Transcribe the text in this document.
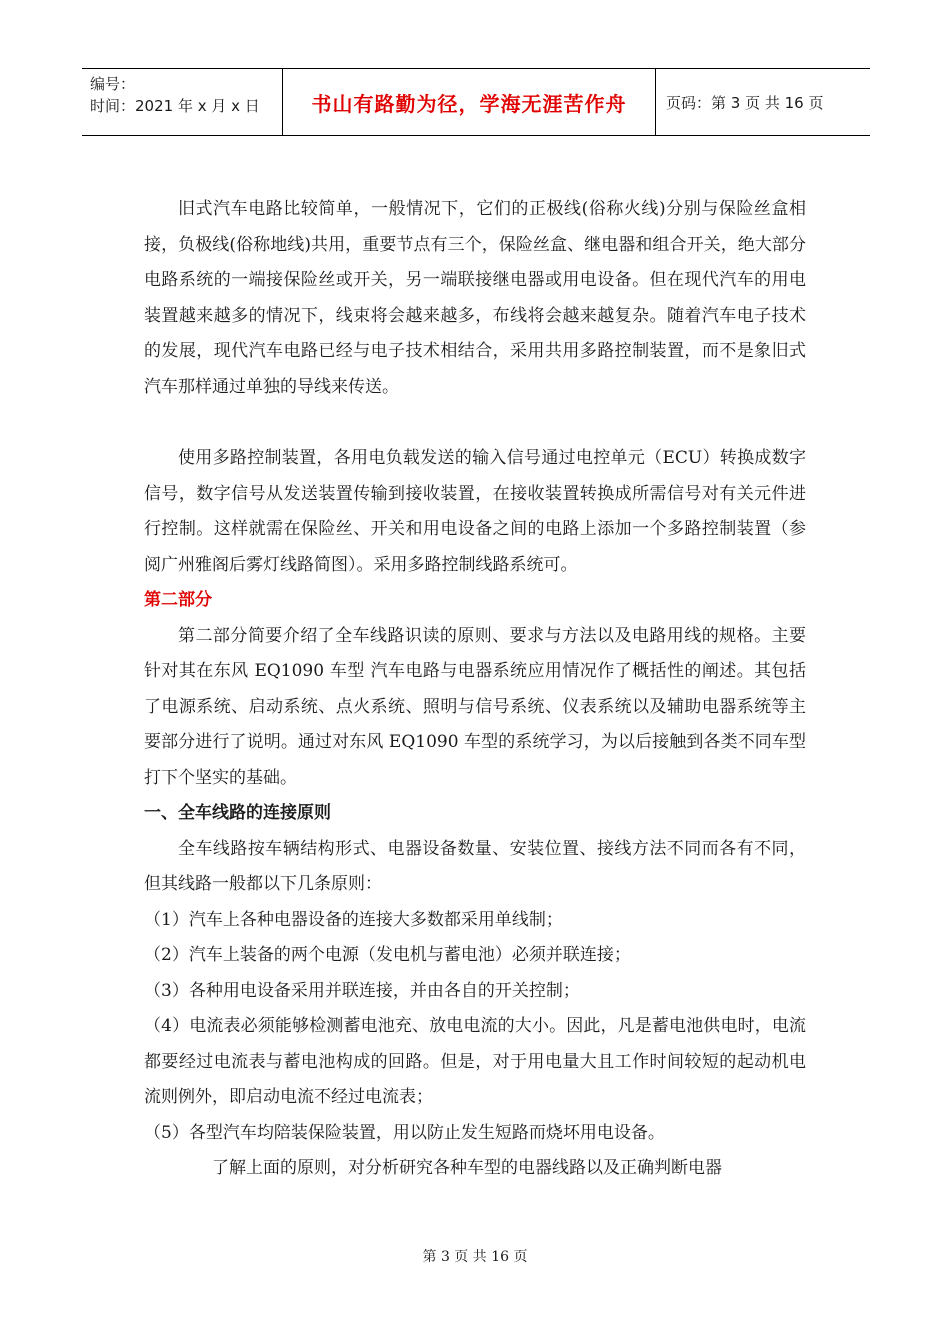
编号：
时间：2021 年 x 月 x 日	书山有路勤为径，学海无涯苦作舟	页码：第 3 页 共 16 页

旧式汽车电路比较简单，一般情况下，它们的正极线(俗称火线)分别与保险丝盒相接，负极线(俗称地线)共用，重要节点有三个，保险丝盒、继电器和组合开关，绝大部分电路系统的一端接保险丝或开关，另一端联接继电器或用电设备。但在现代汽车的用电装置越来越多的情况下，线束将会越来越多，布线将会越来越复杂。随着汽车电子技术的发展，现代汽车电路已经与电子技术相结合，采用共用多路控制装置，而不是象旧式汽车那样通过单独的导线来传送。

使用多路控制装置，各用电负载发送的输入信号通过电控单元（ECU）转换成数字信号，数字信号从发送装置传输到接收装置，在接收装置转换成所需信号对有关元件进行控制。这样就需在保险丝、开关和用电设备之间的电路上添加一个多路控制装置（参阅广州雅阁后雾灯线路简图）。采用多路控制线路系统可。

第二部分

第二部分简要介绍了全车线路识读的原则、要求与方法以及电路用线的规格。主要针对其在东风 EQ1090 车型 汽车电路与电器系统应用情况作了概括性的阐述。其包括了电源系统、启动系统、点火系统、照明与信号系统、仪表系统以及辅助电器系统等主要部分进行了说明。通过对东风 EQ1090 车型的系统学习，为以后接触到各类不同车型打下个坚实的基础。

一、全车线路的连接原则

全车线路按车辆结构形式、电器设备数量、安装位置、接线方法不同而各有不同，但其线路一般都以下几条原则：

（1）汽车上各种电器设备的连接大多数都采用单线制；

（2）汽车上装备的两个电源（发电机与蓄电池）必须并联连接；

（3）各种用电设备采用并联连接，并由各自的开关控制；

（4）电流表必须能够检测蓄电池充、放电电流的大小。因此，凡是蓄电池供电时，电流都要经过电流表与蓄电池构成的回路。但是，对于用电量大且工作时间较短的起动机电流则例外，即启动电流不经过电流表；

（5）各型汽车均陪装保险装置，用以防止发生短路而烧坏用电设备。

了解上面的原则，对分析研究各种车型的电器线路以及正确判断电器

第 3 页 共 16 页
